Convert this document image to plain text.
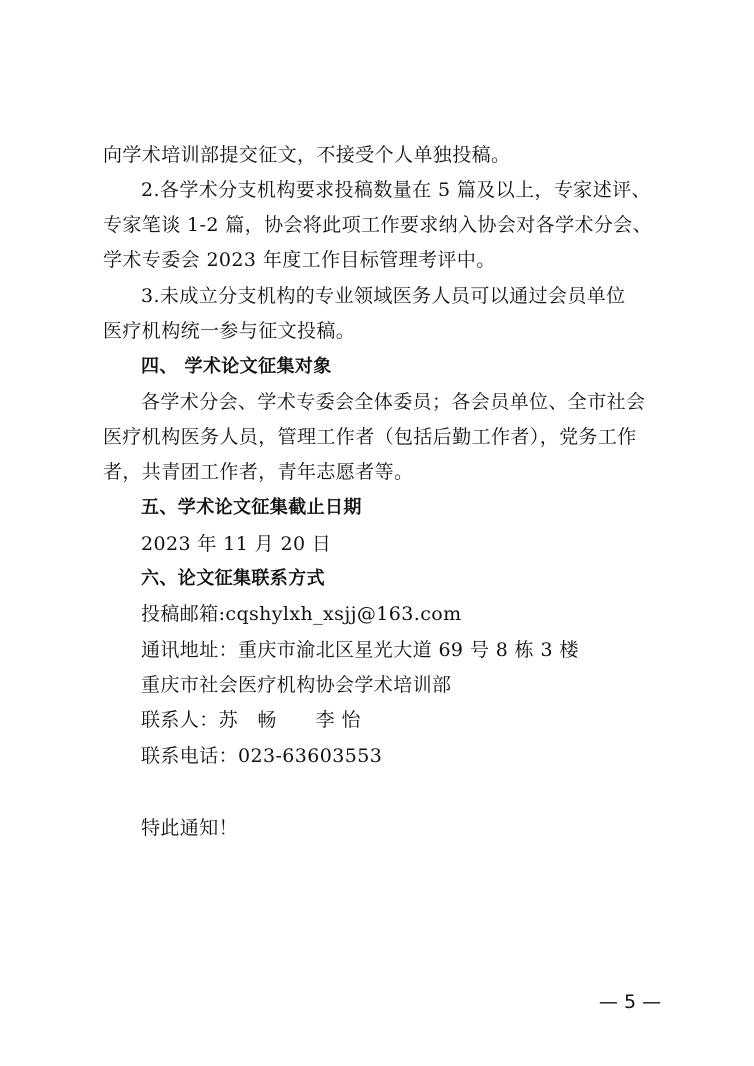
向学术培训部提交征文，不接受个人单独投稿。
2.各学术分支机构要求投稿数量在 5 篇及以上，专家述评、
专家笔谈 1-2 篇，协会将此项工作要求纳入协会对各学术分会、
学术专委会 2023 年度工作目标管理考评中。
3.未成立分支机构的专业领域医务人员可以通过会员单位
医疗机构统一参与征文投稿。
四、 学术论文征集对象
各学术分会、学术专委会全体委员；各会员单位、全市社会
医疗机构医务人员，管理工作者（包括后勤工作者），党务工作
者，共青团工作者，青年志愿者等。
五、学术论文征集截止日期
2023 年 11 月 20 日
六、论文征集联系方式
投稿邮箱:cqshylxh_xsjj@163.com
通讯地址：重庆市渝北区星光大道 69 号 8 栋 3 楼
重庆市社会医疗机构协会学术培训部
联系人：苏　畅　　李 怡
联系电话：023-63603553
特此通知！
— 5 —
